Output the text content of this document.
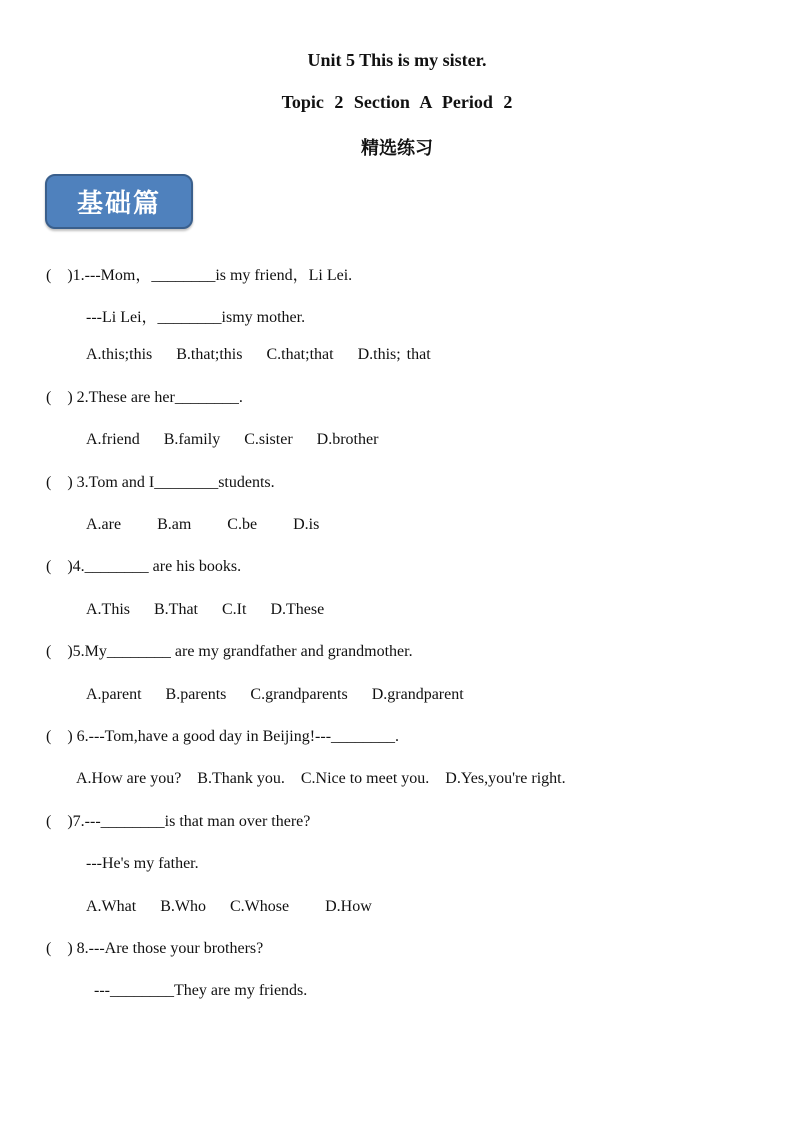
Unit 5 This is my sister.
Topic 2 Section A Period 2
精选练习
基础篇
(    )1.---Mom，________is my friend，Li Lei.
---Li Lei，________ismy mother.
A.this;this    B.that;this    C.that;that    D.this; that
(    ) 2.These are her________.
A.friend    B.family    C.sister    D.brother
(    ) 3.Tom and I________students.
A.are      B.am      C.be      D.is
(    )4.________ are his books.
A.This    B.That    C.It    D.These
(    )5.My________ are my grandfather and grandmother.
A.parent    B.parents    C.grandparents    D.grandparent
(    ) 6.---Tom,have a good day in Beijing!---________.
A.How are you?    B.Thank you.    C.Nice to meet you.    D.Yes,you're right.
(    )7.---________is that man over there?
---He's my father.
A.What    B.Who    C.Whose      D.How
(    ) 8.---Are those your brothers?
---________They are my friends.
